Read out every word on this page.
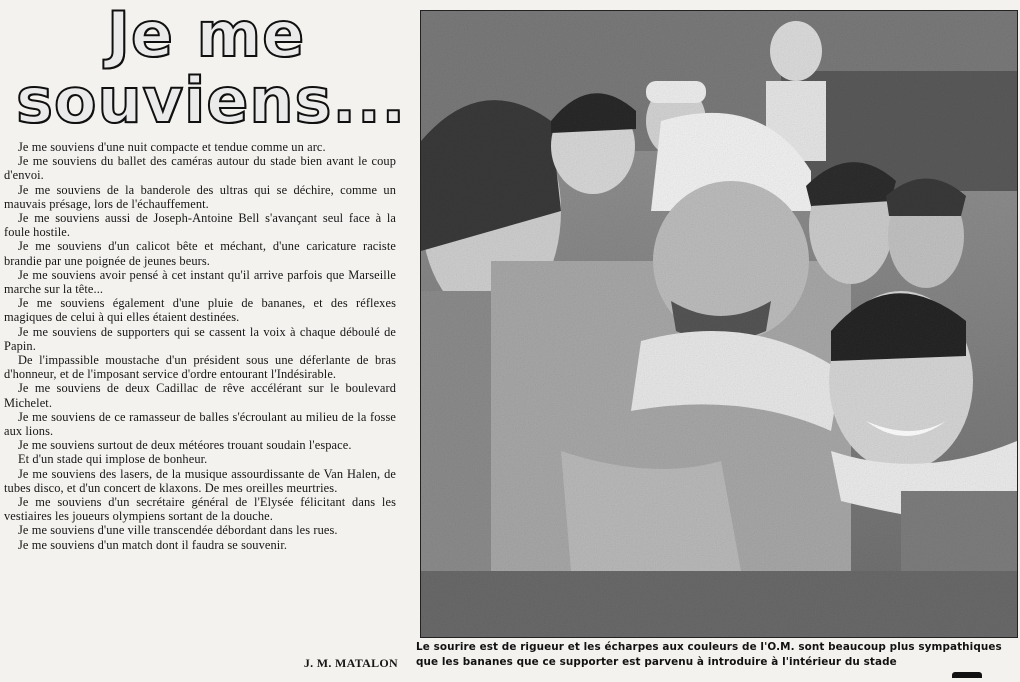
Je me
souviens...

Je me souviens d'une nuit compacte et tendue comme un arc.

Je me souviens du ballet des caméras autour du stade bien avant le coup d'envoi.

Je me souviens de la banderole des ultras qui se déchire, comme un mauvais présage, lors de l'échauffement.

Je me souviens aussi de Joseph-Antoine Bell s'avançant seul face à la foule hostile.

Je me souviens d'un calicot bête et méchant, d'une caricature raciste brandie par une poignée de jeunes beurs.

Je me souviens avoir pensé à cet instant qu'il arrive parfois que Marseille marche sur la tête...

Je me souviens également d'une pluie de bananes, et des réflexes magiques de celui à qui elles étaient destinées.

Je me souviens de supporters qui se cassent la voix à chaque déboulé de Papin.

De l'impassible moustache d'un président sous une déferlante de bras d'honneur, et de l'imposant service d'ordre entourant l'Indésirable.

Je me souviens de deux Cadillac de rêve accélérant sur le boulevard Michelet.

Je me souviens de ce ramasseur de balles s'écroulant au milieu de la fosse aux lions.

Je me souviens surtout de deux météores trouant soudain l'espace.

Et d'un stade qui implose de bonheur.

Je me souviens des lasers, de la musique assourdissante de Van Halen, de tubes disco, et d'un concert de klaxons. De mes oreilles meurtries.

Je me souviens d'un secrétaire général de l'Elysée félicitant dans les vestiaires les joueurs olympiens sortant de la douche.

Je me souviens d'une ville transcendée débordant dans les rues.

Je me souviens d'un match dont il faudra se souvenir.

J. M. MATALON

Le sourire est de rigueur et les écharpes aux couleurs de l'O.M. sont beaucoup plus sympathiques que les bananes que ce supporter est parvenu à introduire à l'intérieur du stade
